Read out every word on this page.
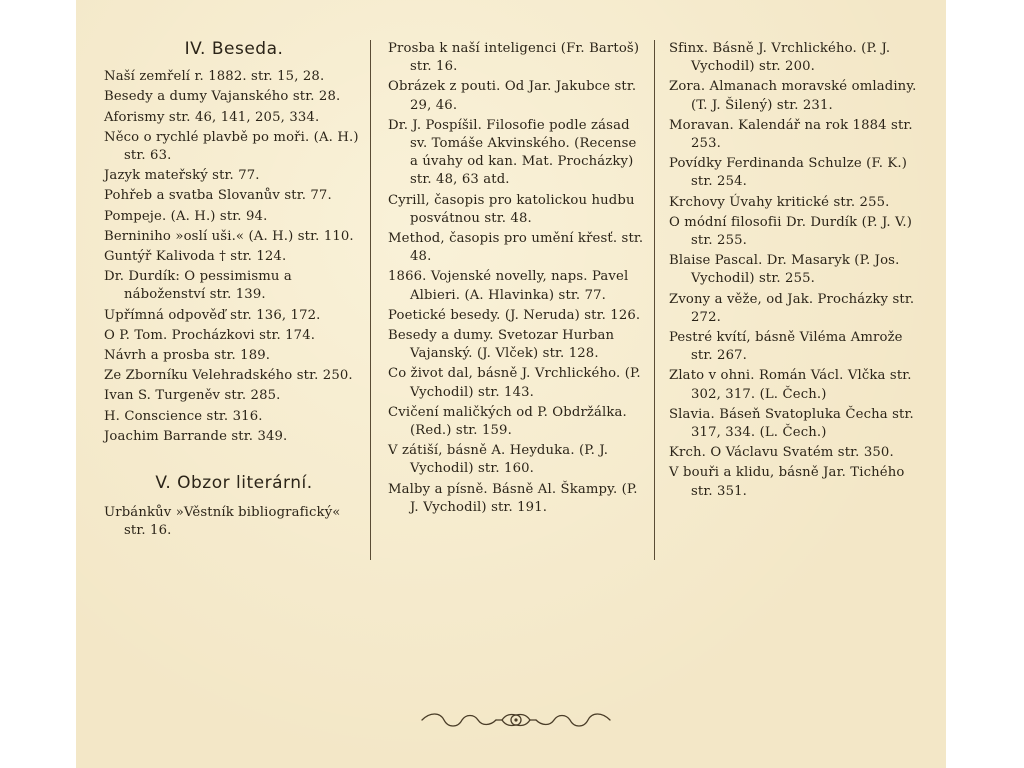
IV. Beseda.
Naší zemřelí r. 1882. str. 15, 28.
Besedy a dumy Vajanského str. 28.
Aforismy str. 46, 141, 205, 334.
Něco o rychlé plavbě po moři. (A. H.) str. 63.
Jazyk mateřský str. 77.
Pohřeb a svatba Slovanův str. 77.
Pompeje. (A. H.) str. 94.
Berniniho »oslí uši.« (A. H.) str. 110.
Guntýř Kalivoda † str. 124.
Dr. Durdík: O pessimismu a náboženství str. 139.
Upřímná odpověď str. 136, 172.
O P. Tom. Procházkovi str. 174.
Návrh a prosba str. 189.
Ze Zborníku Velehradského str. 250.
Ivan S. Turgeněv str. 285.
H. Conscience str. 316.
Joachim Barrande str. 349.
V. Obzor literární.
Urbánkův »Věstník bibliografický« str. 16.
Prosba k naší inteligenci (Fr. Bartoš) str. 16.
Obrázek z pouti. Od Jar. Jakubce str. 29, 46.
Dr. J. Pospíšil. Filosofie podle zásad sv. Tomáše Akvinského. (Recense a úvahy od kan. Mat. Procházky) str. 48, 63 atd.
Cyrill, časopis pro katolickou hudbu posvátnou str. 48.
Method, časopis pro umění křesť. str. 48.
1866. Vojenské novelly, naps. Pavel Albieri. (A. Hlavinka) str. 77.
Poetické besedy. (J. Neruda) str. 126.
Besedy a dumy. Svetozar Hurban Vajanský. (J. Vlček) str. 128.
Co život dal, básně J. Vrchlického. (P. Vychodil) str. 143.
Cvičení maličkých od P. Obdržálka. (Red.) str. 159.
V zátiší, básně A. Heyduka. (P. J. Vychodil) str. 160.
Malby a písně. Básně Al. Škampy. (P. J. Vychodil) str. 191.
Sfinx. Básně J. Vrchlického. (P. J. Vychodil) str. 200.
Zora. Almanach moravské omladiny. (T. J. Šilený) str. 231.
Moravan. Kalendář na rok 1884 str. 253.
Povídky Ferdinanda Schulze (F. K.) str. 254.
Krchovy Úvahy kritické str. 255.
O módní filosofii Dr. Durdík (P. J. V.) str. 255.
Blaise Pascal. Dr. Masaryk (P. Jos. Vychodil) str. 255.
Zvony a věže, od Jak. Procházky str. 272.
Pestré kvítí, básně Viléma Amrože str. 267.
Zlato v ohni. Román Václ. Vlčka str. 302, 317. (L. Čech.)
Slavia. Báseň Svatopluka Čecha str. 317, 334. (L. Čech.)
Krch. O Václavu Svatém str. 350.
V bouři a klidu, básně Jar. Tichého str. 351.
